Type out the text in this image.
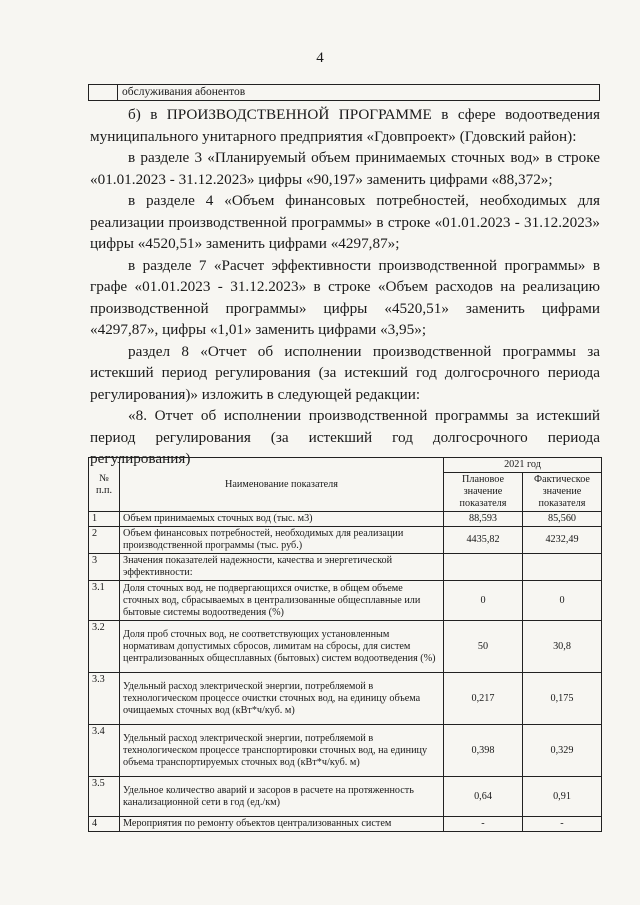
4
	обслуживания абонентов

б) в ПРОИЗВОДСТВЕННОЙ ПРОГРАММЕ в сфере водоотведения муниципального унитарного предприятия «Гдовпроект» (Гдовский район):

в разделе 3 «Планируемый объем принимаемых сточных вод» в строке «01.01.2023 - 31.12.2023» цифры «90,197» заменить цифрами «88,372»;

в разделе 4 «Объем финансовых потребностей, необходимых для реализации производственной программы» в строке «01.01.2023 - 31.12.2023» цифры «4520,51» заменить цифрами «4297,87»;

в разделе 7 «Расчет эффективности производственной программы» в графе «01.01.2023 - 31.12.2023» в строке «Объем расходов на реализацию производственной программы» цифры «4520,51» заменить цифрами «4297,87», цифры «1,01» заменить цифрами «3,95»;

раздел 8 «Отчет об исполнении производственной программы за истекший период регулирования (за истекший год долгосрочного периода регулирования)» изложить в следующей редакции:

«8. Отчет об исполнении производственной программы за истекший период регулирования (за истекший год долгосрочного периода регулирования)

№ п.п.	Наименование показателя	2021 год	
		Плановое значение показателя	Фактическое значение показателя
1	Объем принимаемых сточных вод (тыс. м3)	88,593	85,560
2	Объем финансовых потребностей, необходимых для реализации производственной программы (тыс. руб.)	4435,82	4232,49
3	Значения показателей надежности, качества и энергетической эффективности:		
3.1	Доля сточных вод, не подвергающихся очистке, в общем объеме сточных вод, сбрасываемых в централизованные общесплавные или бытовые системы водоотведения (%)	0	0
3.2	Доля проб сточных вод, не соответствующих установленным нормативам допустимых сбросов, лимитам на сбросы, для систем централизованных общесплавных (бытовых) систем водоотведения (%)	50	30,8
3.3	Удельный расход электрической энергии, потребляемой в технологическом процессе очистки сточных вод, на единицу объема очищаемых сточных вод (кВт*ч/куб. м)	0,217	0,175
3.4	Удельный расход электрической энергии, потребляемой в технологическом процессе транспортировки сточных вод, на единицу объема транспортируемых сточных вод (кВт*ч/куб. м)	0,398	0,329
3.5	Удельное количество аварий и засоров в расчете на протяженность канализационной сети в год (ед./км)	0,64	0,91
4	Мероприятия по ремонту объектов централизованных систем	-	-
